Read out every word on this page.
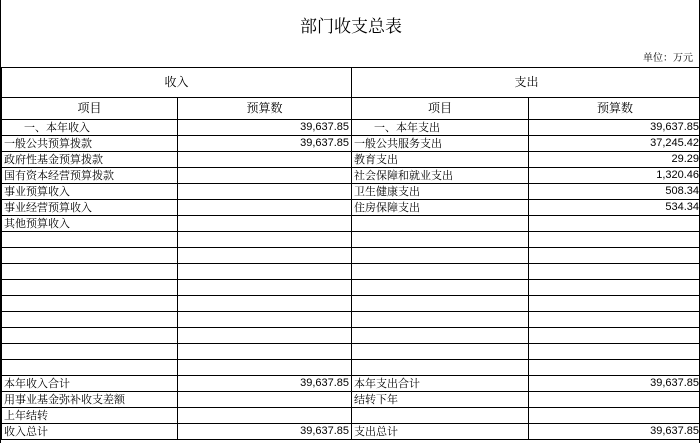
部门收支总表
单位：万元
收入		支出	
项目	预算数	项目	预算数
一、本年收入	39,637.85	一、本年支出	39,637.85
一般公共预算拨款	39,637.85	一般公共服务支出	37,245.42
政府性基金预算拨款		教育支出	29.29
国有资本经营预算拨款		社会保障和就业支出	1,320.46
事业预算收入		卫生健康支出	508.34
事业经营预算收入		住房保障支出	534.34
其他预算收入			

本年收入合计	39,637.85	本年支出合计	39,637.85
用事业基金弥补收支差额		结转下年	
上年结转			
收入总计	39,637.85	支出总计	39,637.85
